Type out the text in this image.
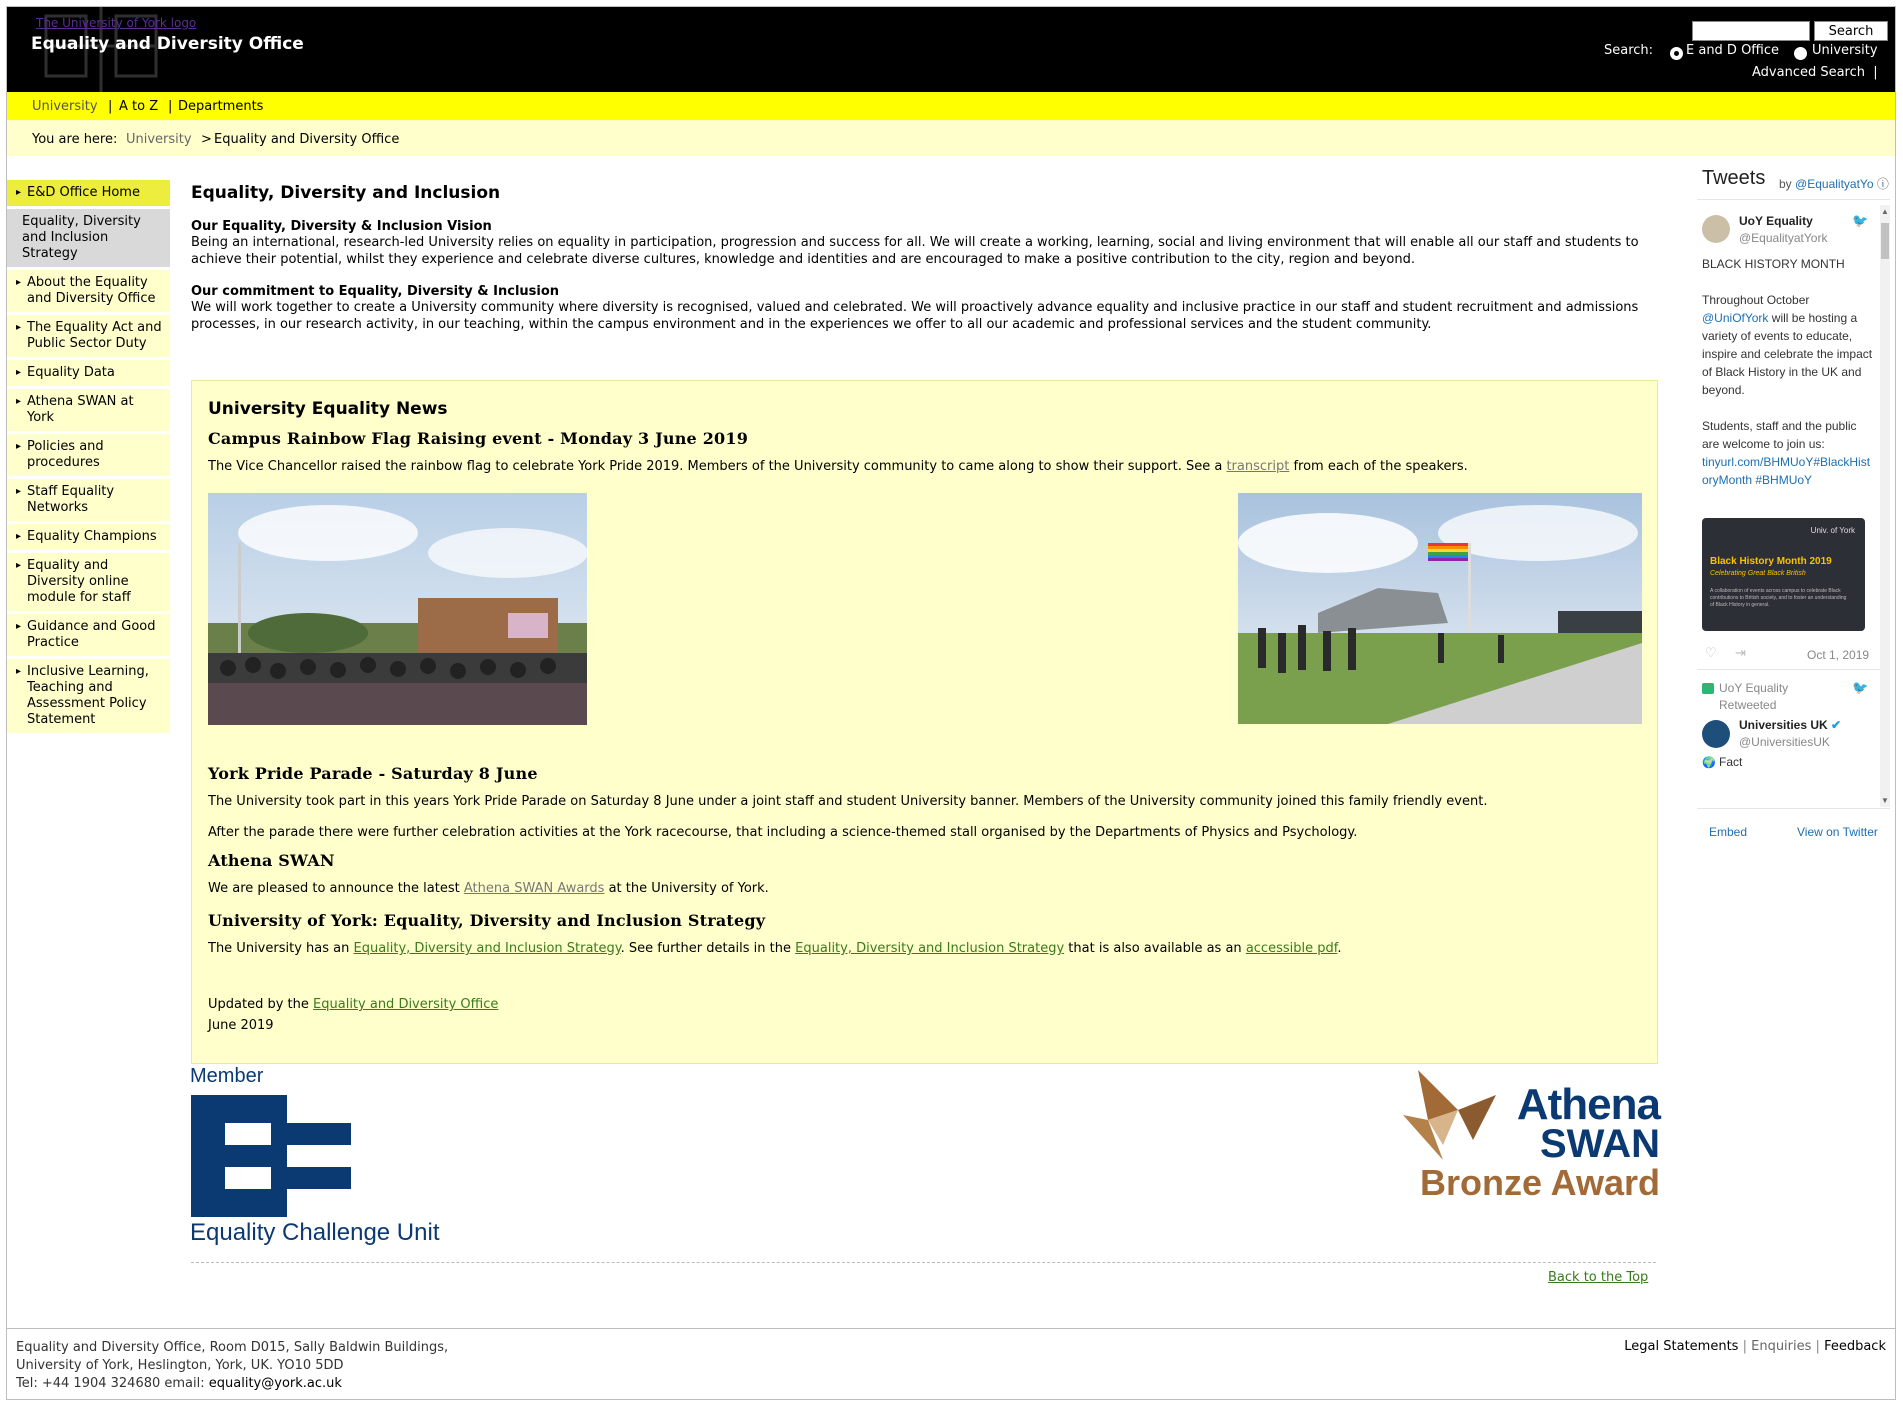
The University of York logo
Equality and Diversity Office
Search
Search:	E and D Office	University
Advanced Search |
University | A to Z | Departments
You are here: University > Equality and Diversity Office
▸ E&D Office Home
Equality, Diversity and Inclusion Strategy
▸ About the Equality and Diversity Office
▸ The Equality Act and Public Sector Duty
▸ Equality Data
▸ Athena SWAN at York
▸ Policies and procedures
▸ Staff Equality Networks
▸ Equality Champions
▸ Equality and Diversity online module for staff
▸ Guidance and Good Practice
▸ Inclusive Learning, Teaching and Assessment Policy Statement
Equality, Diversity and Inclusion

Our Equality, Diversity & Inclusion Vision

Being an international, research-led University relies on equality in participation, progression and success for all. We will create a working, learning, social and living environment that will enable all our staff and students to achieve their potential, whilst they experience and celebrate diverse cultures, knowledge and identities and are encouraged to make a positive contribution to the city, region and beyond.

Our commitment to Equality, Diversity & Inclusion

We will work together to create a University community where diversity is recognised, valued and celebrated. We will proactively advance equality and inclusive practice in our staff and student recruitment and admissions processes, in our research activity, in our teaching, within the campus environment and in the experiences we offer to all our academic and professional services and the student community.

University Equality News
Campus Rainbow Flag Raising event - Monday 3 June 2019

The Vice Chancellor raised the rainbow flag to celebrate York Pride 2019. Members of the University community to came along to show their support. See a transcript from each of the speakers.

York Pride Parade - Saturday 8 June

The University took part in this years York Pride Parade on Saturday 8 June under a joint staff and student University banner. Members of the University community joined this family friendly event.

After the parade there were further celebration activities at the York racecourse, that including a science-themed stall organised by the Departments of Physics and Psychology.

Athena SWAN

We are pleased to announce the latest Athena SWAN Awards at the University of York.

University of York: Equality, Diversity and Inclusion Strategy

The University has an Equality, Diversity and Inclusion Strategy. See further details in the Equality, Diversity and Inclusion Strategy that is also available as an accessible pdf.

Updated by the Equality and Diversity Office
June 2019
Member
Equality Challenge Unit
Athena
SWAN
Bronze Award
Back to the Top
Equality and Diversity Office, Room D015, Sally Baldwin Buildings,
University of York, Heslington, York, UK. YO10 5DD
Tel: +44 1904 324680 email: equality@york.ac.uk
Legal Statements | Enquiries | Feedback
Tweets by @EqualityatYo ⓘ
▲
▼
UoY Equality
@EqualityatYork
🐦
BLACK HISTORY MONTH
Throughout October @UniOfYork will be hosting a variety of events to educate, inspire and celebrate the impact of Black History in the UK and beyond.
Students, staff and the public are welcome to join us:
tinyurl.com/BHMUoY#BlackHistoryMonth #BHMUoY
Univ. of York
Black History Month 2019
Celebrating Great Black British
A collaboration of events across campus to celebrate Black contributions to British society, and to foster an understanding of Black History in general.
♡ ⇥	Oct 1, 2019
UoY Equality Retweeted
🐦
Universities UK ✔
@UniversitiesUK
🌍 Fact
Embed	View on Twitter
